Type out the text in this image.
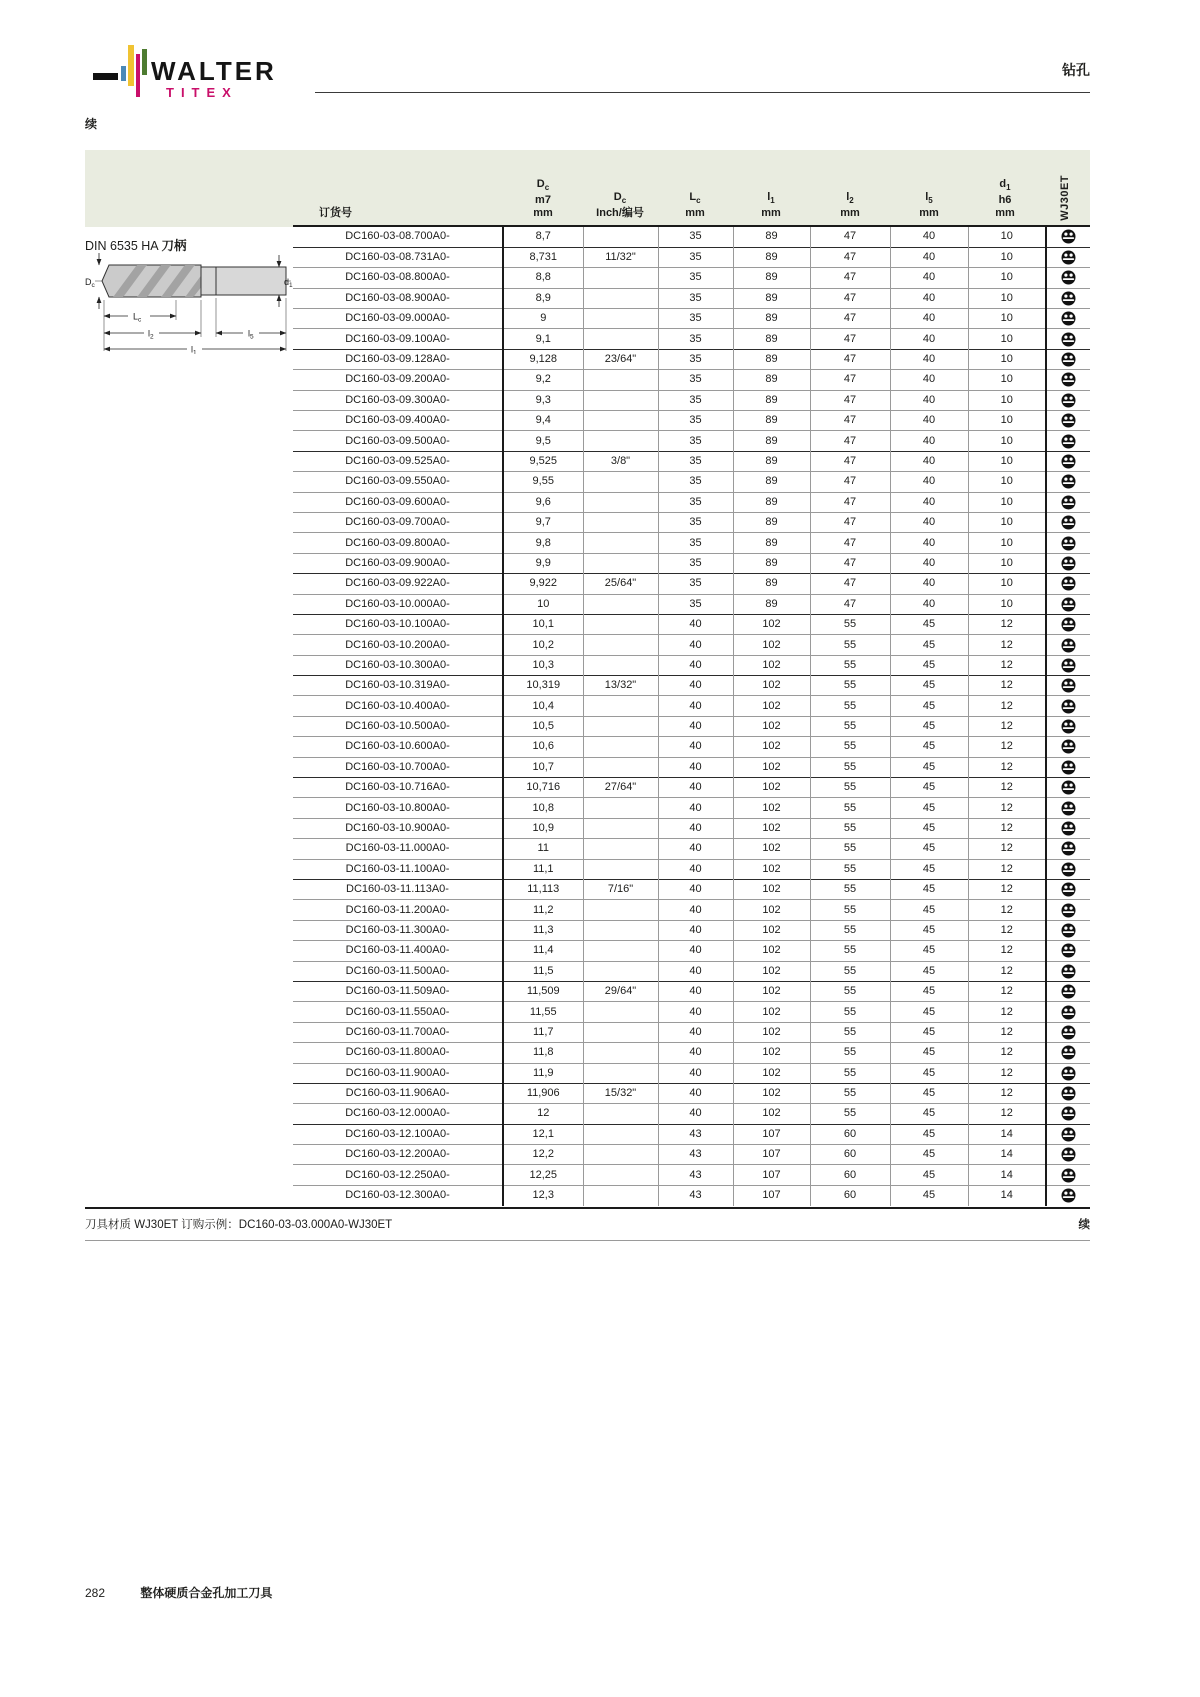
WALTER
TITEX
钻孔
续
订货号
$D_c$
m7
mm
$D_c$
Inch/编号
$L_c$
mm
$l_1$
mm
$l_2$
mm
$l_5$
mm
$d_1$
h6
mm	WJ30ET
DIN 6535 HA 刀柄
$D_c$	$d_1$
$L_c$
$l_2$	$l_5$
$l_1$
DC160-03-08.700A0-	8,7		35	89	47	40	10	

DC160-03-08.731A0-	8,731	11/32"	35	89	47	40	10	

DC160-03-08.800A0-	8,8		35	89	47	40	10	

DC160-03-08.900A0-	8,9		35	89	47	40	10	

DC160-03-09.000A0-	9		35	89	47	40	10	

DC160-03-09.100A0-	9,1		35	89	47	40	10	

DC160-03-09.128A0-	9,128	23/64"	35	89	47	40	10	

DC160-03-09.200A0-	9,2		35	89	47	40	10	

DC160-03-09.300A0-	9,3		35	89	47	40	10	

DC160-03-09.400A0-	9,4		35	89	47	40	10	

DC160-03-09.500A0-	9,5		35	89	47	40	10	

DC160-03-09.525A0-	9,525	3/8"	35	89	47	40	10	

DC160-03-09.550A0-	9,55		35	89	47	40	10	

DC160-03-09.600A0-	9,6		35	89	47	40	10	

DC160-03-09.700A0-	9,7		35	89	47	40	10	

DC160-03-09.800A0-	9,8		35	89	47	40	10	

DC160-03-09.900A0-	9,9		35	89	47	40	10	

DC160-03-09.922A0-	9,922	25/64"	35	89	47	40	10	

DC160-03-10.000A0-	10		35	89	47	40	10	

DC160-03-10.100A0-	10,1		40	102	55	45	12	

DC160-03-10.200A0-	10,2		40	102	55	45	12	

DC160-03-10.300A0-	10,3		40	102	55	45	12	

DC160-03-10.319A0-	10,319	13/32"	40	102	55	45	12	

DC160-03-10.400A0-	10,4		40	102	55	45	12	

DC160-03-10.500A0-	10,5		40	102	55	45	12	

DC160-03-10.600A0-	10,6		40	102	55	45	12	

DC160-03-10.700A0-	10,7		40	102	55	45	12	

DC160-03-10.716A0-	10,716	27/64"	40	102	55	45	12	

DC160-03-10.800A0-	10,8		40	102	55	45	12	

DC160-03-10.900A0-	10,9		40	102	55	45	12	

DC160-03-11.000A0-	11		40	102	55	45	12	

DC160-03-11.100A0-	11,1		40	102	55	45	12	

DC160-03-11.113A0-	11,113	7/16"	40	102	55	45	12	

DC160-03-11.200A0-	11,2		40	102	55	45	12	

DC160-03-11.300A0-	11,3		40	102	55	45	12	

DC160-03-11.400A0-	11,4		40	102	55	45	12	

DC160-03-11.500A0-	11,5		40	102	55	45	12	

DC160-03-11.509A0-	11,509	29/64"	40	102	55	45	12	

DC160-03-11.550A0-	11,55		40	102	55	45	12	

DC160-03-11.700A0-	11,7		40	102	55	45	12	

DC160-03-11.800A0-	11,8		40	102	55	45	12	

DC160-03-11.900A0-	11,9		40	102	55	45	12	

DC160-03-11.906A0-	11,906	15/32"	40	102	55	45	12	

DC160-03-12.000A0-	12		40	102	55	45	12	

DC160-03-12.100A0-	12,1		43	107	60	45	14	

DC160-03-12.200A0-	12,2		43	107	60	45	14	

DC160-03-12.250A0-	12,25		43	107	60	45	14	

DC160-03-12.300A0-	12,3		43	107	60	45	14	
刀具材质 WJ30ET 订购示例：DC160-03-03.000A0-WJ30ET	续
282	整体硬质合金孔加工刀具
